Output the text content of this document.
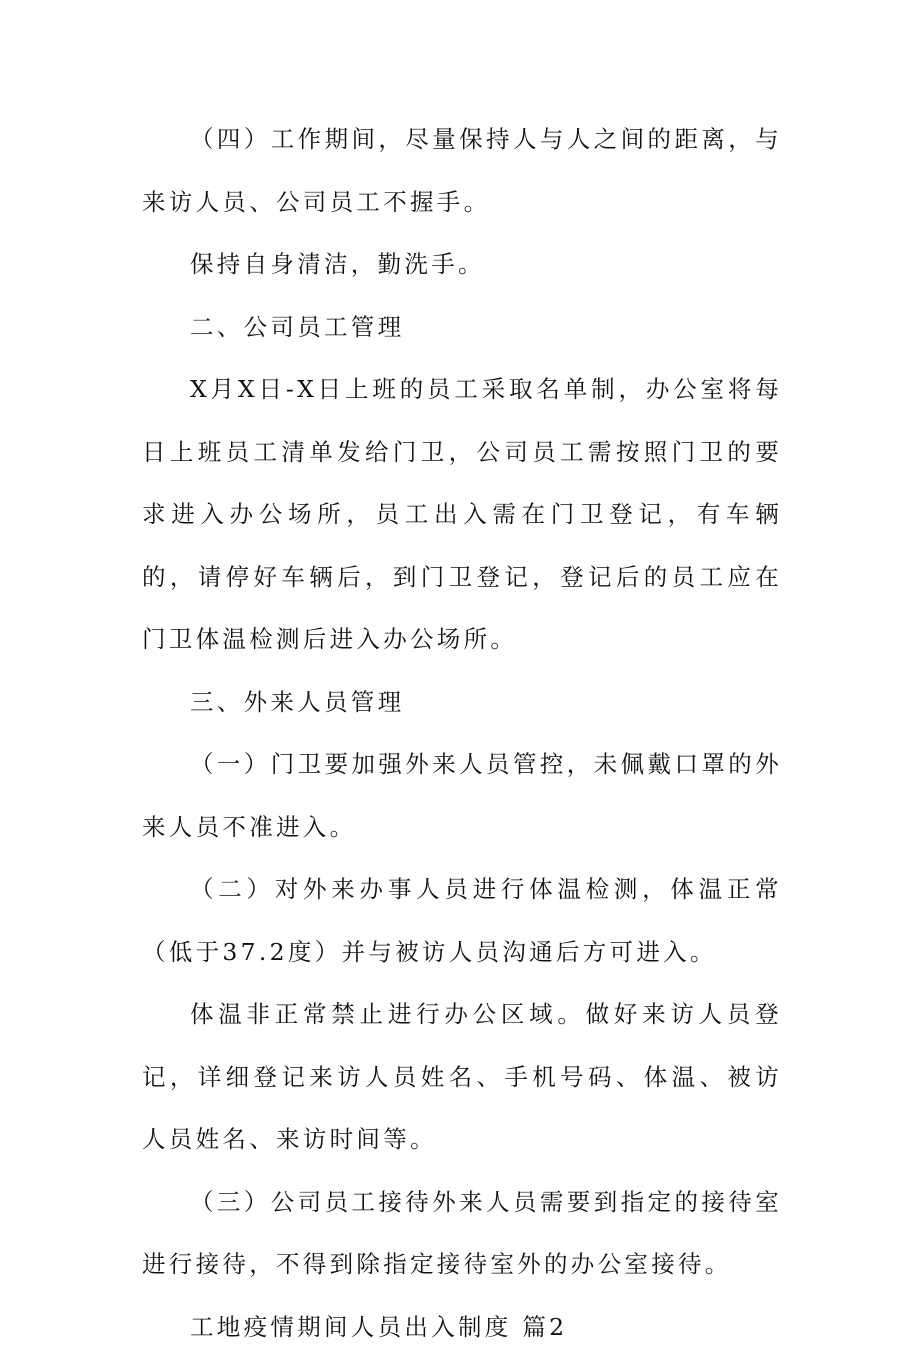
（四）工作期间，尽量保持人与人之间的距离，与来访人员、公司员工不握手。

保持自身清洁，勤洗手。

二、公司员工管理

X月X日-X日上班的员工采取名单制，办公室将每日上班员工清单发给门卫，公司员工需按照门卫的要求进入办公场所，员工出入需在门卫登记，有车辆的，请停好车辆后，到门卫登记，登记后的员工应在门卫体温检测后进入办公场所。

三、外来人员管理

（一）门卫要加强外来人员管控，未佩戴口罩的外来人员不准进入。

（二）对外来办事人员进行体温检测，体温正常（低于37.2度）并与被访人员沟通后方可进入。

体温非正常禁止进行办公区域。做好来访人员登记，详细登记来访人员姓名、手机号码、体温、被访人员姓名、来访时间等。

（三）公司员工接待外来人员需要到指定的接待室进行接待，不得到除指定接待室外的办公室接待。

工地疫情期间人员出入制度 篇2
